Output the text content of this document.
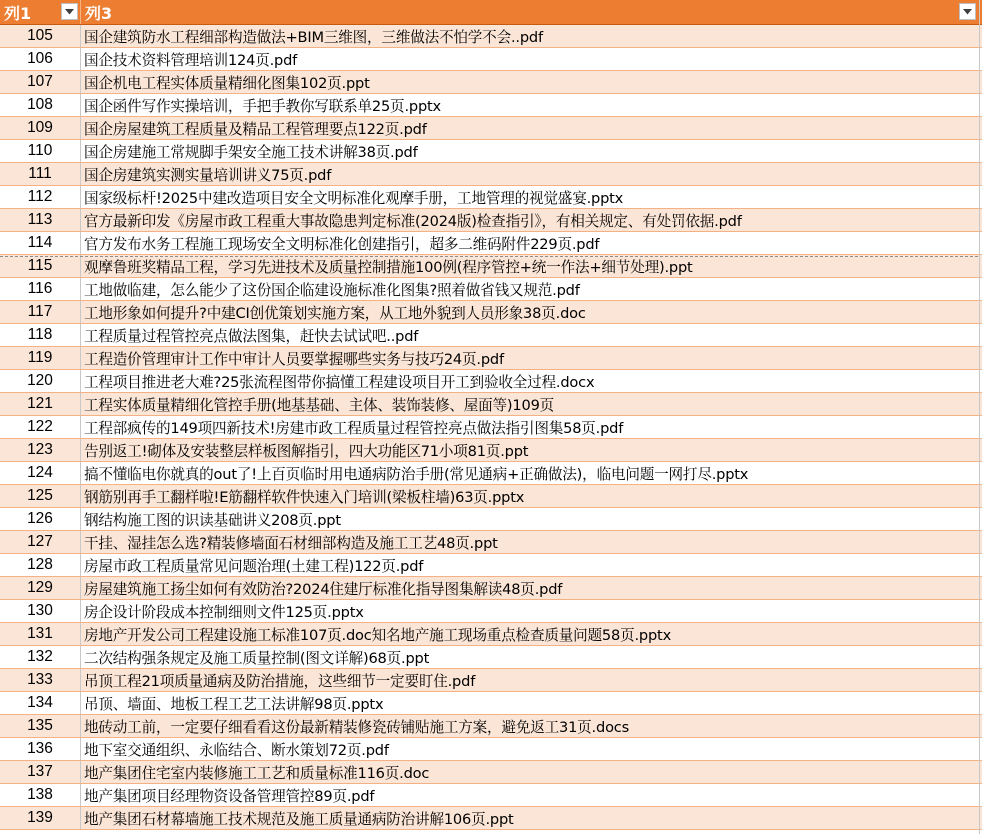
列1	列3
105	国企建筑防水工程细部构造做法+BIM三维图，三维做法不怕学不会..pdf
106	国企技术资料管理培训124页.pdf
107	国企机电工程实体质量精细化图集102页.ppt
108	国企函件写作实操培训，手把手教你写联系单25页.pptx
109	国企房屋建筑工程质量及精品工程管理要点122页.pdf
110	国企房建施工常规脚手架安全施工技术讲解38页.pdf
111	国企房建筑实测实量培训讲义75页.pdf
112	国家级标杆!2025中建改造项目安全文明标准化观摩手册，工地管理的视觉盛宴.pptx
113	官方最新印发《房屋市政工程重大事故隐患判定标准(2024版)检查指引》，有相关规定、有处罚依据.pdf
114	官方发布水务工程施工现场安全文明标准化创建指引，超多二维码附件229页.pdf
115	观摩鲁班奖精品工程，学习先进技术及质量控制措施100例(程序管控+统一作法+细节处理).ppt
116	工地做临建，怎么能少了这份国企临建设施标准化图集?照着做省钱又规范.pdf
117	工地形象如何提升?中建CI创优策划实施方案，从工地外貌到人员形象38页.doc
118	工程质量过程管控亮点做法图集，赶快去试试吧..pdf
119	工程造价管理审计工作中审计人员要掌握哪些实务与技巧24页.pdf
120	工程项目推进老大难?25张流程图带你搞懂工程建设项目开工到验收全过程.docx
121	工程实体质量精细化管控手册(地基基础、主体、装饰装修、屋面等)109页
122	工程部疯传的149项四新技术!房建市政工程质量过程管控亮点做法指引图集58页.pdf
123	告别返工!砌体及安装整层样板图解指引，四大功能区71小项81页.ppt
124	搞不懂临电你就真的out了!上百页临时用电通病防治手册(常见通病+正确做法)，临电问题一网打尽.pptx
125	钢筋别再手工翻样啦!E筋翻样软件快速入门培训(梁板柱墙)63页.pptx
126	钢结构施工图的识读基础讲义208页.ppt
127	干挂、湿挂怎么选?精装修墙面石材细部构造及施工工艺48页.ppt
128	房屋市政工程质量常见问题治理(土建工程)122页.pdf
129	房屋建筑施工扬尘如何有效防治?2024住建厅标准化指导图集解读48页.pdf
130	房企设计阶段成本控制细则文件125页.pptx
131	房地产开发公司工程建设施工标准107页.doc知名地产施工现场重点检查质量问题58页.pptx
132	二次结构强条规定及施工质量控制(图文详解)68页.ppt
133	吊顶工程21项质量通病及防治措施，这些细节一定要盯住.pdf
134	吊顶、墙面、地板工程工艺工法讲解98页.pptx
135	地砖动工前，一定要仔细看看这份最新精装修瓷砖铺贴施工方案，避免返工31页.docs
136	地下室交通组织、永临结合、断水策划72页.pdf
137	地产集团住宅室内装修施工工艺和质量标准116页.doc
138	地产集团项目经理物资设备管理管控89页.pdf
139	地产集团石材幕墙施工技术规范及施工质量通病防治讲解106页.ppt
